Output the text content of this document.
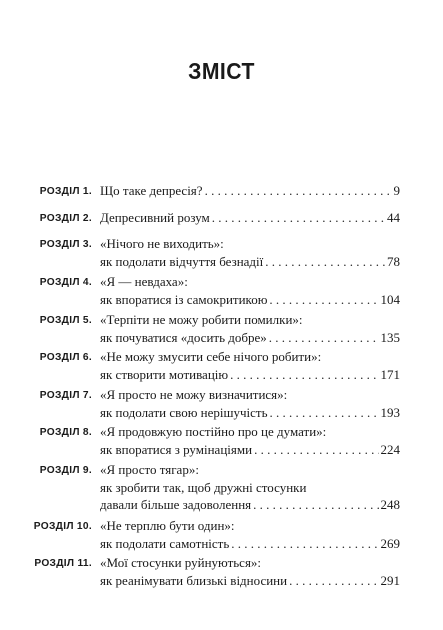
ЗМІСТ
РОЗДІЛ 1. Що таке депресія? . . .	9
РОЗДІЛ 2. Депресивний розум . . .	44
РОЗДІЛ 3. «Нічого не виходить»:
як подолати відчуття безнадії . . .	78
РОЗДІЛ 4. «Я — невдаха»:
як впоратися із самокритикою . . .	104
РОЗДІЛ 5. «Терпіти не можу робити помилки»:
як почуватися «досить добре» . . .	135
РОЗДІЛ 6. «Не можу змусити себе нічого робити»:
як створити мотивацію . . .	171
РОЗДІЛ 7. «Я просто не можу визначитися»:
як подолати свою нерішучість . . .	193
РОЗДІЛ 8. «Я продовжую постійно про це думати»:
як впоратися з румінаціями . . .	224
РОЗДІЛ 9. «Я просто тягар»:
як зробити так, щоб дружні стосунки
давали більше задоволення . . .	248
РОЗДІЛ 10. «Не терплю бути один»:
як подолати самотність . . .	269
РОЗДІЛ 11. «Мої стосунки руйнуються»:
як реанімувати близькі відносини . . .	291
